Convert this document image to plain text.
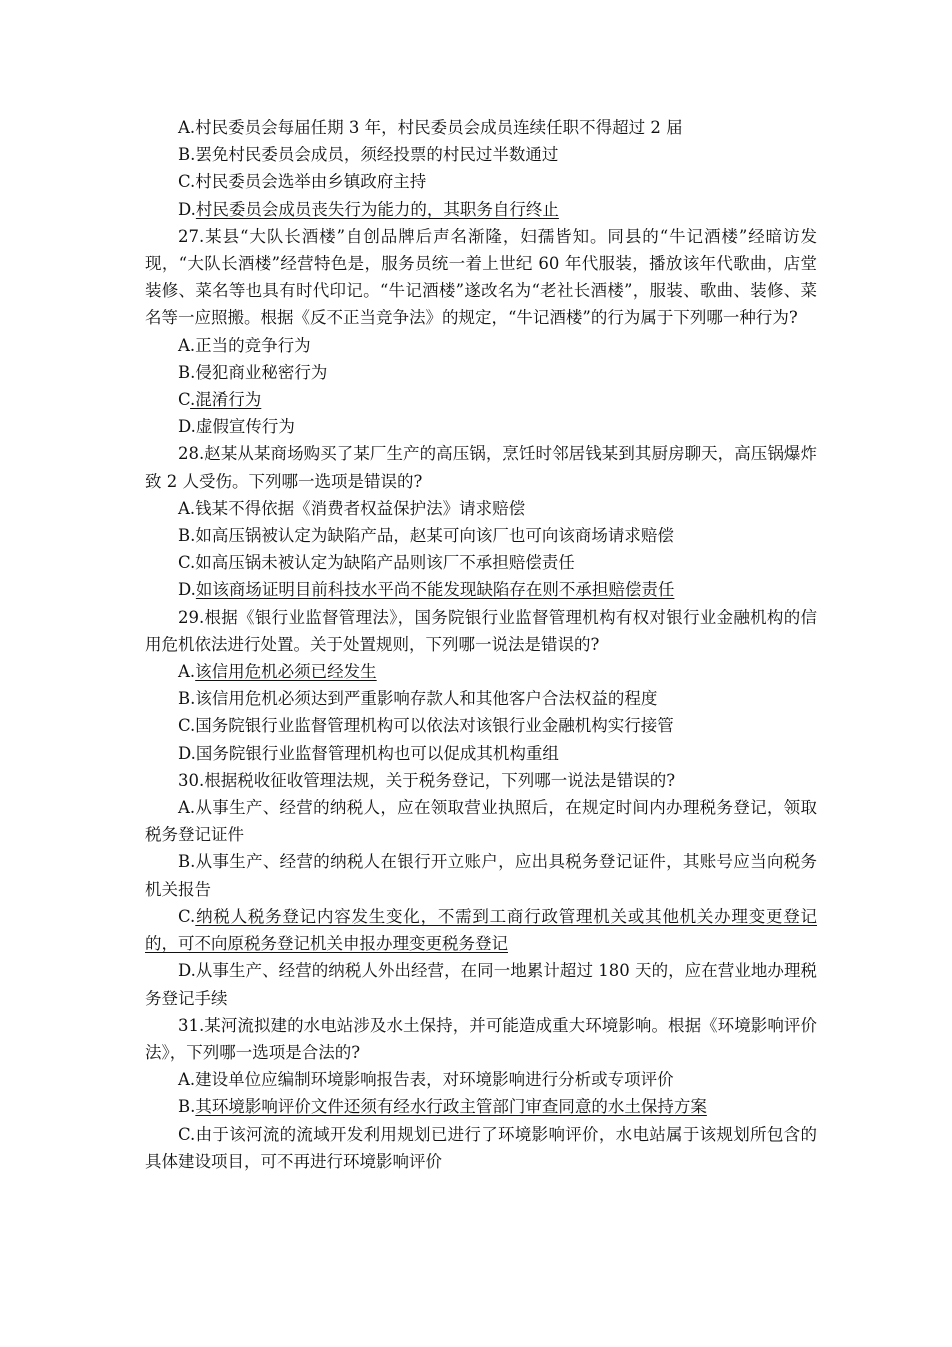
A.村民委员会每届任期 3 年，村民委员会成员连续任职不得超过 2 届

B.罢免村民委员会成员，须经投票的村民过半数通过

C.村民委员会选举由乡镇政府主持

D.村民委员会成员丧失行为能力的，其职务自行终止

27.某县“大队长酒楼”自创品牌后声名渐隆，妇孺皆知。同县的“牛记酒楼”经暗访发现，“大队长酒楼”经营特色是，服务员统一着上世纪 60 年代服装，播放该年代歌曲，店堂装修、菜名等也具有时代印记。“牛记酒楼”遂改名为“老社长酒楼”，服装、歌曲、装修、菜名等一应照搬。根据《反不正当竞争法》的规定，“牛记酒楼”的行为属于下列哪一种行为?

A.正当的竞争行为

B.侵犯商业秘密行为

C.混淆行为

D.虚假宣传行为

28.赵某从某商场购买了某厂生产的高压锅，烹饪时邻居钱某到其厨房聊天，高压锅爆炸致 2 人受伤。下列哪一选项是错误的?

A.钱某不得依据《消费者权益保护法》请求赔偿

B.如高压锅被认定为缺陷产品，赵某可向该厂也可向该商场请求赔偿

C.如高压锅未被认定为缺陷产品则该厂不承担赔偿责任

D.如该商场证明目前科技水平尚不能发现缺陷存在则不承担赔偿责任

29.根据《银行业监督管理法》，国务院银行业监督管理机构有权对银行业金融机构的信用危机依法进行处置。关于处置规则，下列哪一说法是错误的?

A.该信用危机必须已经发生

B.该信用危机必须达到严重影响存款人和其他客户合法权益的程度

C.国务院银行业监督管理机构可以依法对该银行业金融机构实行接管

D.国务院银行业监督管理机构也可以促成其机构重组

30.根据税收征收管理法规，关于税务登记，下列哪一说法是错误的?

A.从事生产、经营的纳税人，应在领取营业执照后，在规定时间内办理税务登记，领取税务登记证件

B.从事生产、经营的纳税人在银行开立账户，应出具税务登记证件，其账号应当向税务机关报告

C.纳税人税务登记内容发生变化，不需到工商行政管理机关或其他机关办理变更登记的，可不向原税务登记机关申报办理变更税务登记

D.从事生产、经营的纳税人外出经营，在同一地累计超过 180 天的，应在营业地办理税务登记手续

31.某河流拟建的水电站涉及水土保持，并可能造成重大环境影响。根据《环境影响评价法》，下列哪一选项是合法的?

A.建设单位应编制环境影响报告表，对环境影响进行分析或专项评价

B.其环境影响评价文件还须有经水行政主管部门审查同意的水土保持方案

C.由于该河流的流域开发利用规划已进行了环境影响评价，水电站属于该规划所包含的具体建设项目，可不再进行环境影响评价
